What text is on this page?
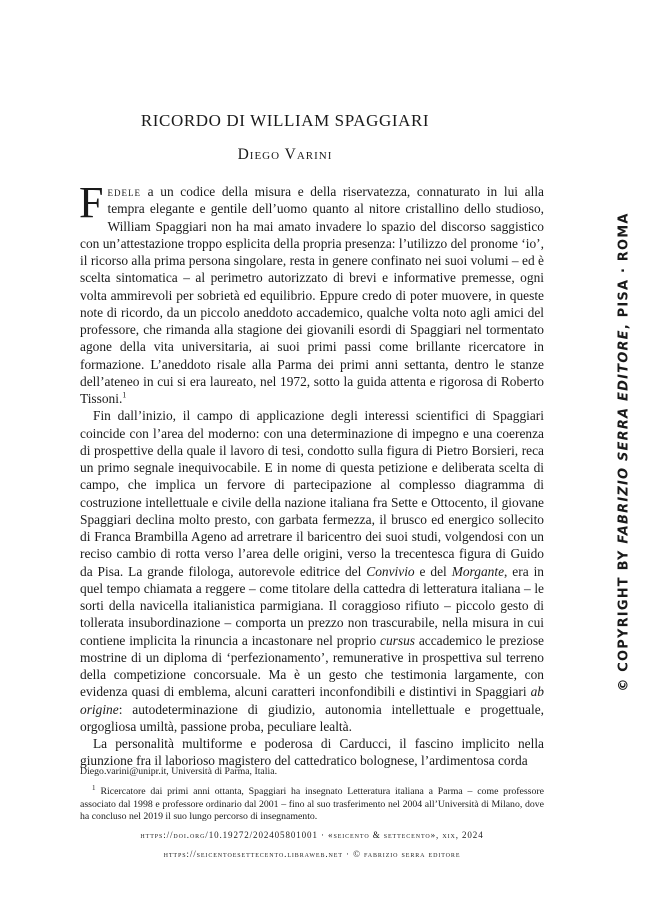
RICORDO DI WILLIAM SPAGGIARI
Diego Varini

Fedele a un codice della misura e della riservatezza, connaturato in lui alla tempra elegante e gentile dell’uomo quanto al nitore cristallino dello studioso, William Spaggiari non ha mai amato invadere lo spazio del discorso saggistico con un’attestazione troppo esplicita della propria presenza: l’utilizzo del pronome ‘io’, il ricorso alla prima persona singolare, resta in genere confinato nei suoi volumi – ed è scelta sintomatica – al perimetro autorizzato di brevi e informative premesse, ogni volta ammirevoli per sobrietà ed equilibrio. Eppure credo di poter muovere, in queste note di ricordo, da un piccolo aneddoto accademico, qualche volta noto agli amici del professore, che rimanda alla stagione dei giovanili esordi di Spaggiari nel tormentato agone della vita universitaria, ai suoi primi passi come brillante ricercatore in formazione. L’aneddoto risale alla Parma dei primi anni settanta, dentro le stanze dell’ateneo in cui si era laureato, nel 1972, sotto la guida attenta e rigorosa di Roberto Tissoni.$^1$

Fin dall’inizio, il campo di applicazione degli interessi scientifici di Spaggiari coincide con l’area del moderno: con una determinazione di impegno e una coerenza di prospettive della quale il lavoro di tesi, condotto sulla figura di Pietro Borsieri, reca un primo segnale inequivocabile. E in nome di questa petizione e deliberata scelta di campo, che implica un fervore di partecipazione al complesso diagramma di costruzione intellettuale e civile della nazione italiana fra Sette e Ottocento, il giovane Spaggiari declina molto presto, con garbata fermezza, il brusco ed energico sollecito di Franca Brambilla Ageno ad arretrare il baricentro dei suoi studi, volgendosi con un reciso cambio di rotta verso l’area delle origini, verso la trecentesca figura di Guido da Pisa. La grande filologa, autorevole editrice del Convivio e del Morgante, era in quel tempo chiamata a reggere – come titolare della cattedra di letteratura italiana – le sorti della navicella italianistica parmigiana. Il coraggioso rifiuto – piccolo gesto di tollerata insubordinazione – comporta un prezzo non trascurabile, nella misura in cui contiene implicita la rinuncia a incastonare nel proprio cursus accademico le preziose mostrine di un diploma di ‘perfezionamento’, remunerative in prospettiva sul terreno della competizione concorsuale. Ma è un gesto che testimonia largamente, con evidenza quasi di emblema, alcuni caratteri inconfondibili e distintivi in Spaggiari ab origine: autodeterminazione di giudizio, autonomia intellettuale e progettuale, orgogliosa umiltà, passione proba, peculiare lealtà.

La personalità multiforme e poderosa di Carducci, il fascino implicito nella giunzione fra il laborioso magistero del cattedratico bolognese, l’ardimentosa corda

Diego.varini@unipr.it, Università di Parma, Italia.

$^1$ Ricercatore dai primi anni ottanta, Spaggiari ha insegnato Letteratura italiana a Parma – come professore associato dal 1998 e professore ordinario dal 2001 – fino al suo trasferimento nel 2004 all’Università di Milano, dove ha concluso nel 2019 il suo lungo percorso di insegnamento.

https://doi.org/10.19272/202405801001 · «seicento & settecento», xix, 2024
https://seicentoesettecento.libraweb.net · © fabrizio serra editore
© COPYRIGHT BY FABRIZIO SERRA EDITORE, PISA · ROMA
